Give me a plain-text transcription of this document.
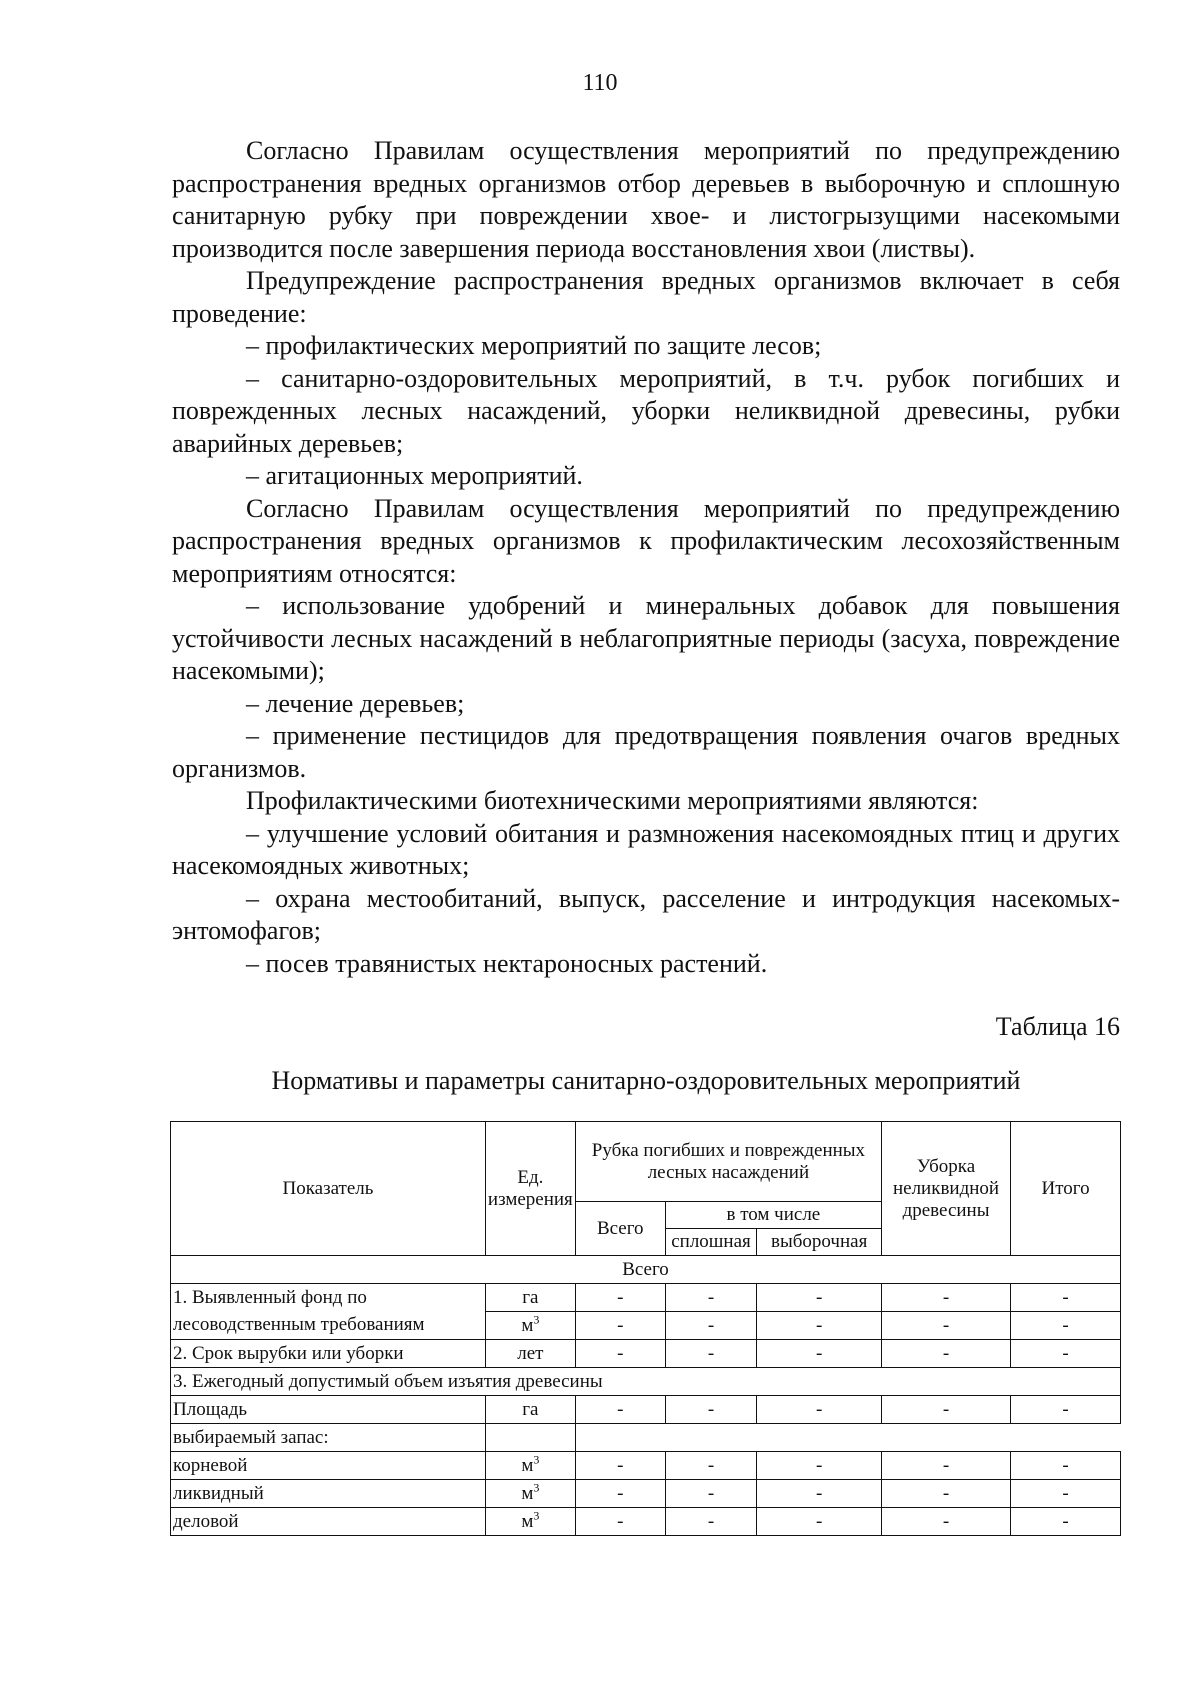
110

Согласно Правилам осуществления мероприятий по предупреждению распространения вредных организмов отбор деревьев в выборочную и сплошную санитарную рубку при повреждении хвое- и листогрызущими насекомыми производится после завершения периода восстановления хвои (листвы).

Предупреждение распространения вредных организмов включает в себя проведение:

– профилактических мероприятий по защите лесов;

– санитарно-оздоровительных мероприятий, в т.ч. рубок погибших и поврежденных лесных насаждений, уборки неликвидной древесины, рубки аварийных деревьев;

– агитационных мероприятий.

Согласно Правилам осуществления мероприятий по предупреждению распространения вредных организмов к профилактическим лесохозяйственным мероприятиям относятся:

– использование удобрений и минеральных добавок для повышения устойчивости лесных насаждений в неблагоприятные периоды (засуха, повреждение насекомыми);

– лечение деревьев;

– применение пестицидов для предотвращения появления очагов вредных организмов.

Профилактическими биотехническими мероприятиями являются:

– улучшение условий обитания и размножения насекомоядных птиц и других насекомоядных животных;

– охрана местообитаний, выпуск, расселение и интродукция насекомых-энтомофагов;

– посев травянистых нектароносных растений.

Таблица 16
Нормативы и параметры санитарно-оздоровительных мероприятий
Показатель	Ед. измерения	Рубка погибших и поврежденных лесных насаждений			Уборка неликвидной древесины	Итого
		Всего	в том числе			
			сплошная	выборочная		
Всего						
1. Выявленный фонд по	га	-	-	-	-	-
лесоводственным требованиям	$м^3$	-	-	-	-	-
2. Срок вырубки или уборки	лет	-	-	-	-	-
3. Ежегодный допустимый объем изъятия древесины						
Площадь	га	-	-	-	-	-
выбираемый запас:						
корневой	$м^3$	-	-	-	-	-
ликвидный	$м^3$	-	-	-	-	-
деловой	$м^3$	-	-	-	-	-
